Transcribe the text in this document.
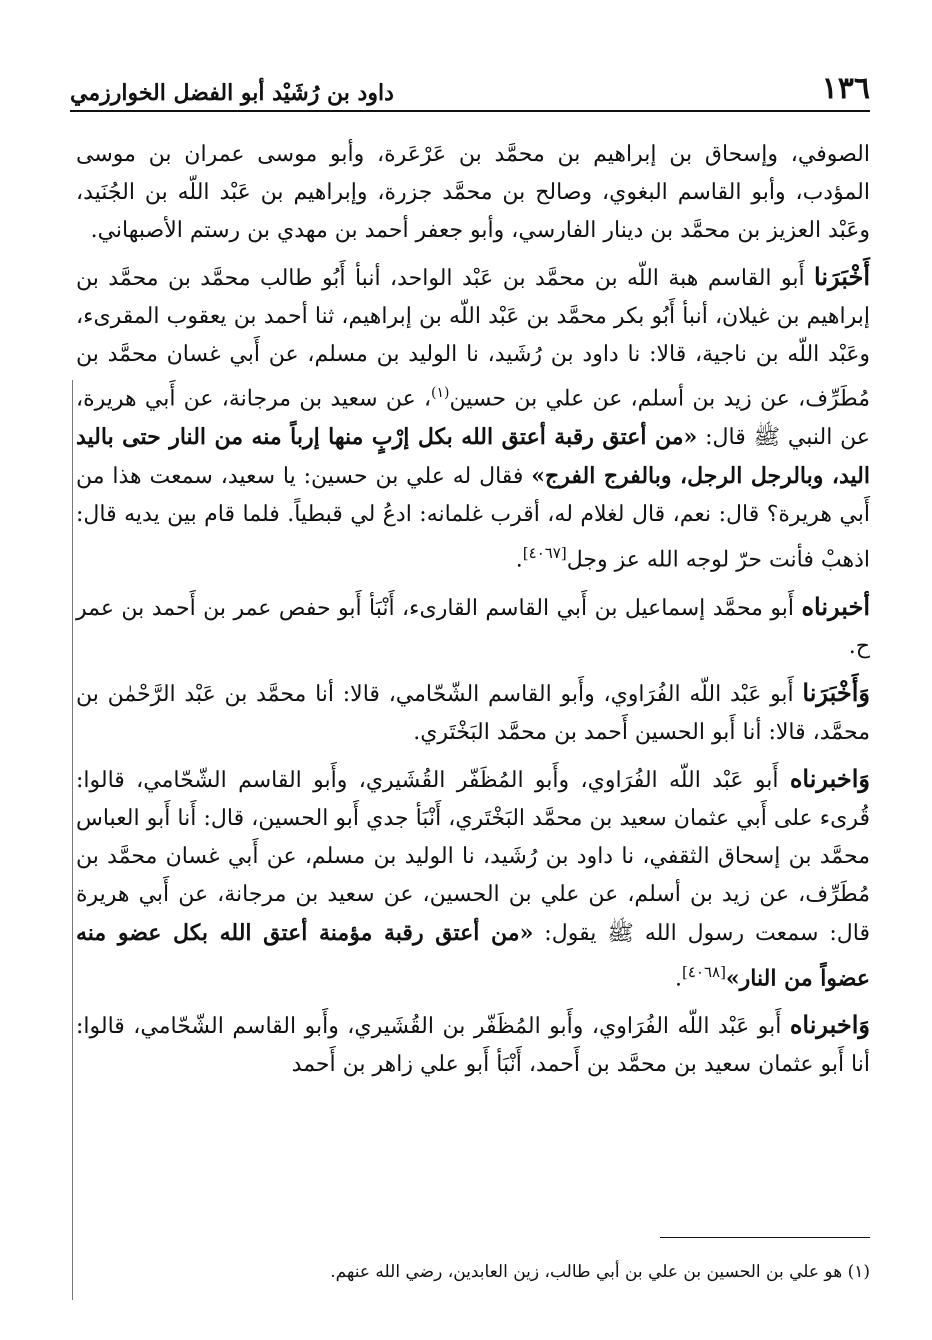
١٣٦
داود بن رُشَيْد أبو الفضل الخوارزمي

الصوفي، وإسحاق بن إبراهيم بن محمَّد بن عَرْعَرة، وأبو موسى عمران بن موسى المؤدب، وأبو القاسم البغوي، وصالح بن محمَّد جزرة، وإبراهيم بن عَبْد اللّه بن الجُنَيد، وعَبْد العزيز بن محمَّد بن دينار الفارسي، وأبو جعفر أحمد بن مهدي بن رستم الأصبهاني.

أَخْبَرَنا أَبو القاسم هبة اللّه بن محمَّد بن عَبْد الواحد، أنبأ أَبُو طالب محمَّد بن محمَّد بن إبراهيم بن غيلان، أنبأ أَبُو بكر محمَّد بن عَبْد اللّه بن إبراهيم، ثنا أحمد بن يعقوب المقرىء، وعَبْد اللّه بن ناجية، قالا: نا داود بن رُشَيد، نا الوليد بن مسلم، عن أَبي غسان محمَّد بن مُطَرِّف، عن زيد بن أسلم، عن علي بن حسين$^{(١)}$، عن سعيد بن مرجانة، عن أَبي هريرة، عن النبي ﷺ قال: «من أعتق رقبة أعتق الله بكل إرْبٍ منها إرباً منه من النار حتى باليد اليد، وبالرجل الرجل، وبالفرج الفرج» فقال له علي بن حسين: يا سعيد، سمعت هذا من أَبي هريرة؟ قال: نعم، قال لغلام له، أقرب غلمانه: ادعُ لي قبطياً. فلما قام بين يديه قال: اذهبْ فأنت حرّ لوجه الله عز وجل[٤٠٦٧].

أخبرناه أَبو محمَّد إسماعيل بن أَبي القاسم القارىء، أَنْبَأ أَبو حفص عمر بن أَحمد بن عمر ح.

وَأَخْبَرَنا أَبو عَبْد اللّه الفُرَاوي، وأَبو القاسم الشّحّامي، قالا: أنا محمَّد بن عَبْد الرَّحْمٰن بن محمَّد، قالا: أنا أَبو الحسين أَحمد بن محمَّد البَخْتَري.

وَاخبرناه أَبو عَبْد اللّه الفُرَاوي، وأَبو المُظَفّر القُشَيري، وأَبو القاسم الشّحّامي، قالوا: قُرىء على أَبي عثمان سعيد بن محمَّد البَخْتَري، أَنْبَأ جدي أَبو الحسين، قال: أَنا أَبو العباس محمَّد بن إسحاق الثقفي، نا داود بن رُشَيد، نا الوليد بن مسلم، عن أَبي غسان محمَّد بن مُطَرِّف، عن زيد بن أسلم، عن علي بن الحسين، عن سعيد بن مرجانة، عن أَبي هريرة قال: سمعت رسول الله ﷺ يقول: «من أعتق رقبة مؤمنة أعتق الله بكل عضو منه عضواً من النار»[٤٠٦٨].

وَاخبرناه أَبو عَبْد اللّه الفُرَاوي، وأَبو المُظَفّر بن القُشَيري، وأَبو القاسم الشّحّامي، قالوا: أنا أَبو عثمان سعيد بن محمَّد بن أَحمد، أَنْبَأ أَبو علي زاهر بن أَحمد

(١) هو علي بن الحسين بن علي بن أبي طالب، زين العابدين، رضي الله عنهم.
